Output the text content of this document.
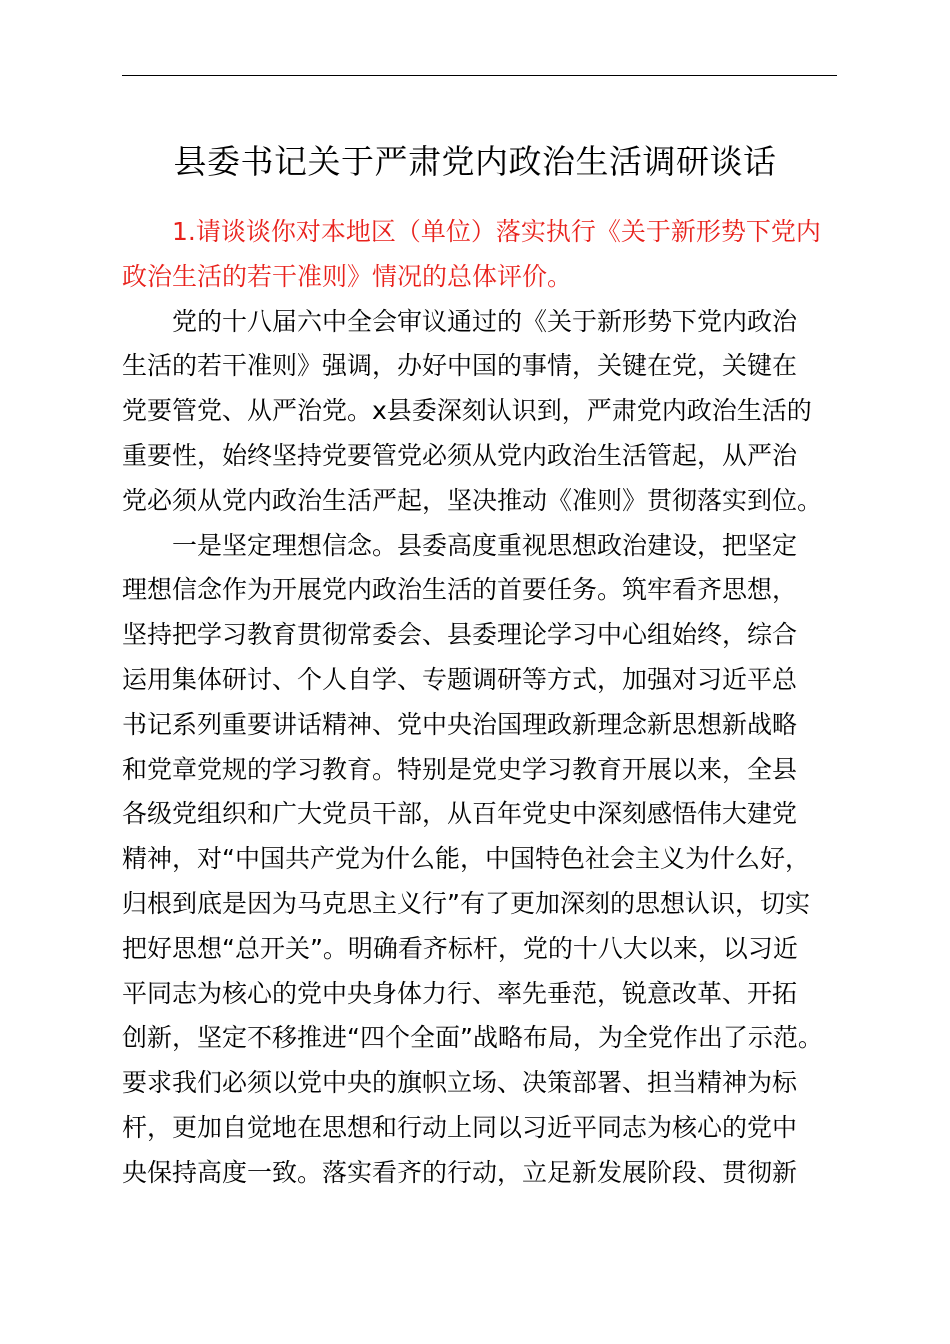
县委书记关于严肃党内政治生活调研谈话
　　1.请谈谈你对本地区（单位）落实执行《关于新形势下党内
政治生活的若干准则》情况的总体评价。
　　党的十八届六中全会审议通过的《关于新形势下党内政治
生活的若干准则》强调，办好中国的事情，关键在党，关键在
党要管党、从严治党。x县委深刻认识到，严肃党内政治生活的
重要性，始终坚持党要管党必须从党内政治生活管起，从严治
党必须从党内政治生活严起，坚决推动《准则》贯彻落实到位。
　　一是坚定理想信念。县委高度重视思想政治建设，把坚定
理想信念作为开展党内政治生活的首要任务。筑牢看齐思想，
坚持把学习教育贯彻常委会、县委理论学习中心组始终，综合
运用集体研讨、个人自学、专题调研等方式，加强对习近平总
书记系列重要讲话精神、党中央治国理政新理念新思想新战略
和党章党规的学习教育。特别是党史学习教育开展以来，全县
各级党组织和广大党员干部，从百年党史中深刻感悟伟大建党
精神，对“中国共产党为什么能，中国特色社会主义为什么好，
归根到底是因为马克思主义行”有了更加深刻的思想认识，切实
把好思想“总开关”。明确看齐标杆，党的十八大以来，以习近
平同志为核心的党中央身体力行、率先垂范，锐意改革、开拓
创新，坚定不移推进“四个全面”战略布局，为全党作出了示范。
要求我们必须以党中央的旗帜立场、决策部署、担当精神为标
杆，更加自觉地在思想和行动上同以习近平同志为核心的党中
央保持高度一致。落实看齐的行动，立足新发展阶段、贯彻新
